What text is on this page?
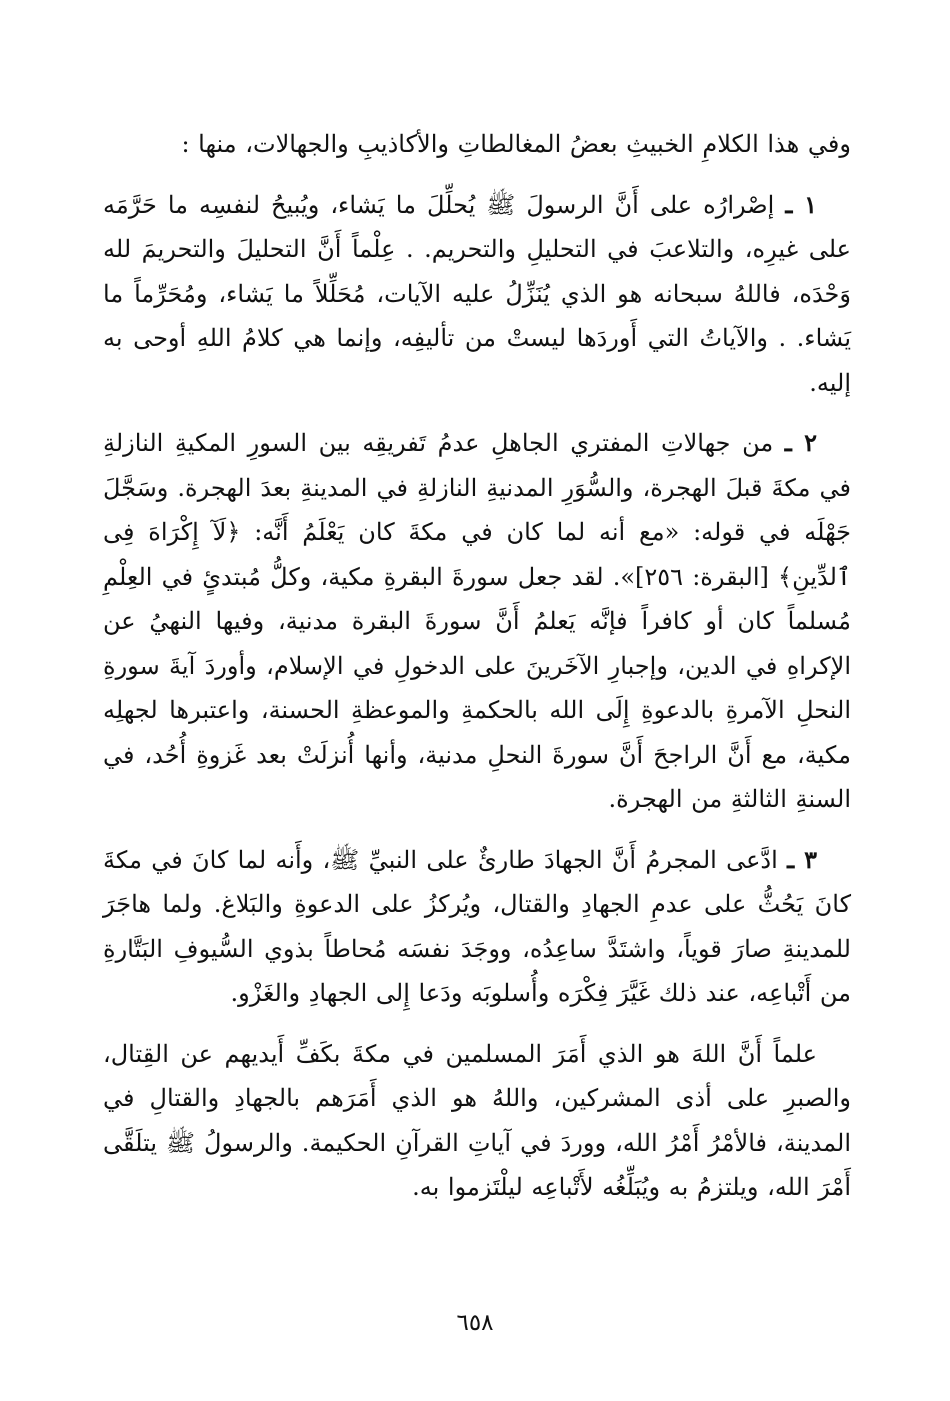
وفي هذا الكلامِ الخبيثِ بعضُ المغالطاتِ والأكاذيبِ والجهالات، منها :

١ ـ إصْرارُه على أَنَّ الرسولَ ﷺ يُحلِّلَ ما يَشاء، ويُبيحُ لنفسِه ما حَرَّمَه على غيرِه، والتلاعبَ في التحليلِ والتحريم. . عِلْماً أَنَّ التحليلَ والتحريمَ لله وَحْدَه، فاللهُ سبحانه هو الذي يُنَزِّلُ عليه الآيات، مُحَلِّلاً ما يَشاء، ومُحَرِّماً ما يَشاء. . والآياتُ التي أَوردَها ليستْ من تأليفِه، وإنما هي كلامُ اللهِ أوحى به إليه.

٢ ـ من جهالاتِ المفتري الجاهلِ عدمُ تَفريقِه بين السورِ المكيةِ النازلةِ في مكةَ قبلَ الهجرة، والسُّوَرِ المدنيةِ النازلةِ في المدينةِ بعدَ الهجرة. وسَجَّلَ جَهْلَه في قوله: «مع أنه لما كان في مكةَ كان يَعْلَمُ أَنَّه: ﴿لَآ إِكْرَاهَ فِى ٱلدِّينِ﴾ [البقرة: ٢٥٦]». لقد جعل سورةَ البقرةِ مكية، وكلُّ مُبتدئٍ في العِلْمِ مُسلماً كان أو كافراً فإنَّه يَعلمُ أَنَّ سورةَ البقرة مدنية، وفيها النهيُ عن الإكراهِ في الدين، وإجبارِ الآخَرينَ على الدخولِ في الإسلام، وأوردَ آيةَ سورةِ النحلِ الآمرةِ بالدعوةِ إِلَى الله بالحكمةِ والموعظةِ الحسنة، واعتبرها لجهلِه مكية، مع أَنَّ الراجحَ أَنَّ سورةَ النحلِ مدنية، وأنها أُنزلَتْ بعد غَزوةِ أُحُد، في السنةِ الثالثةِ من الهجرة.

٣ ـ ادَّعى المجرمُ أَنَّ الجهادَ طارئٌ على النبيِّ ﷺ، وأَنه لما كانَ في مكةَ كانَ يَحُثُّ على عدمِ الجهادِ والقتال، ويُركزُ على الدعوةِ والبَلاغ. ولما هاجَرَ للمدينةِ صارَ قوياً، واشتَدَّ ساعِدُه، ووجَدَ نفسَه مُحاطاً بذوي السُّيوفِ البَتَّارةِ من أَتْباعِه، عند ذلك غَيَّرَ فِكْرَه وأُسلوبَه ودَعا إِلى الجهادِ والغَزْو.

علماً أَنَّ اللهَ هو الذي أَمَرَ المسلمين في مكةَ بكَفِّ أَيديهم عن القِتال، والصبرِ على أذى المشركين، واللهُ هو الذي أَمَرَهم بالجهادِ والقتالِ في المدينة، فالأمْرُ أَمْرُ الله، ووردَ في آياتِ القرآنِ الحكيمة. والرسولُ ﷺ يتلَقَّى أَمْرَ الله، ويلتزمُ به ويُبَلِّغُه لأَتْباعِه ليلْتَزموا به.

٦٥٨
